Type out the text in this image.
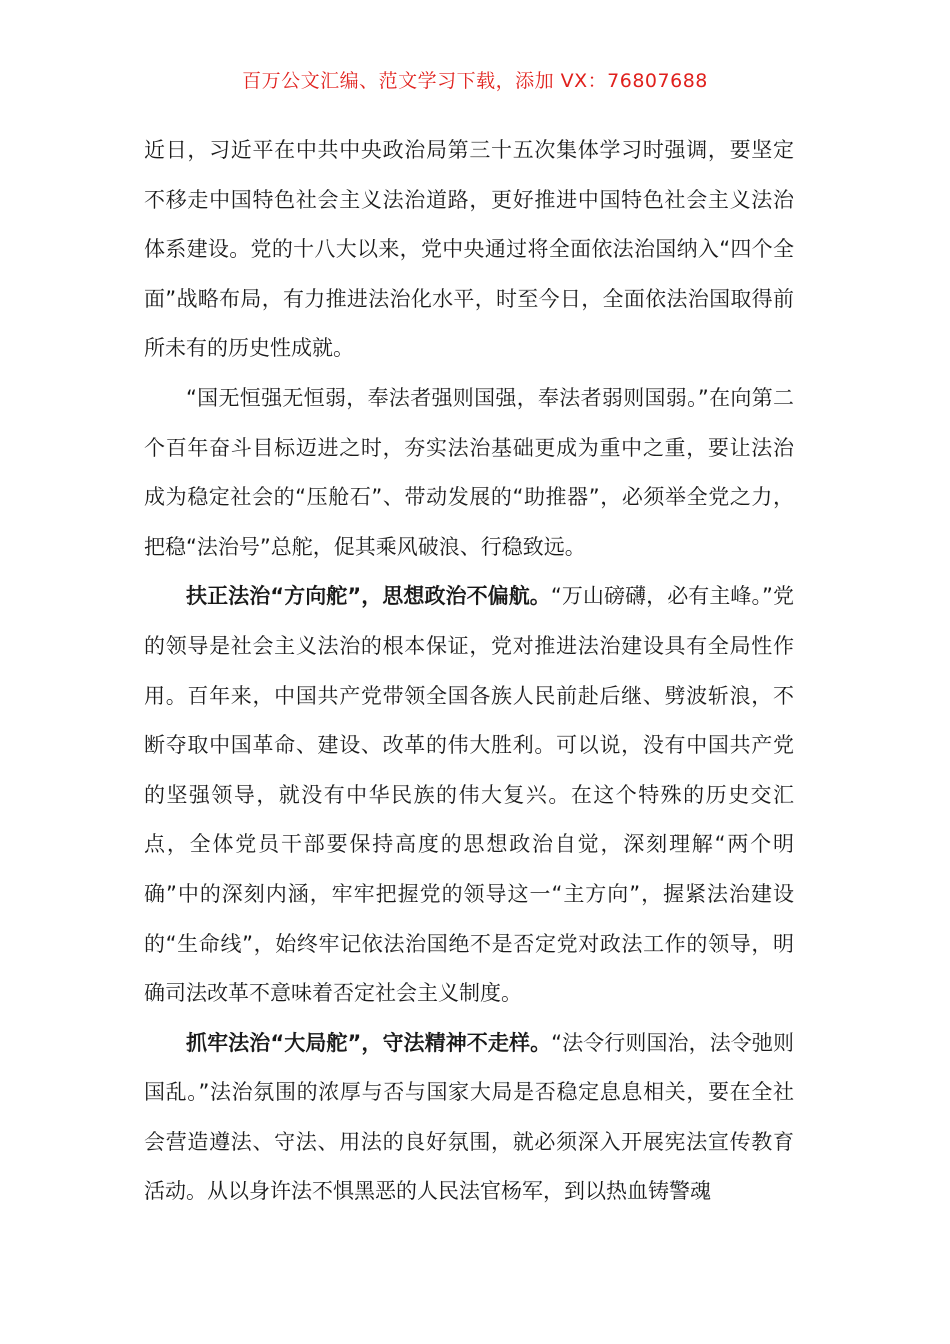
百万公文汇编、范文学习下载，添加 VX：76807688

近日，习近平在中共中央政治局第三十五次集体学习时强调，要坚定不移走中国特色社会主义法治道路，更好推进中国特色社会主义法治体系建设。党的十八大以来，党中央通过将全面依法治国纳入“四个全面”战略布局，有力推进法治化水平，时至今日，全面依法治国取得前所未有的历史性成就。

“国无恒强无恒弱，奉法者强则国强，奉法者弱则国弱。”在向第二个百年奋斗目标迈进之时，夯实法治基础更成为重中之重，要让法治成为稳定社会的“压舱石”、带动发展的“助推器”，必须举全党之力，把稳“法治号”总舵，促其乘风破浪、行稳致远。

扶正法治“方向舵”，思想政治不偏航。“万山磅礴，必有主峰。”党的领导是社会主义法治的根本保证，党对推进法治建设具有全局性作用。百年来，中国共产党带领全国各族人民前赴后继、劈波斩浪，不断夺取中国革命、建设、改革的伟大胜利。可以说，没有中国共产党的坚强领导，就没有中华民族的伟大复兴。在这个特殊的历史交汇点，全体党员干部要保持高度的思想政治自觉，深刻理解“两个明确”中的深刻内涵，牢牢把握党的领导这一“主方向”，握紧法治建设的“生命线”，始终牢记依法治国绝不是否定党对政法工作的领导，明确司法改革不意味着否定社会主义制度。

抓牢法治“大局舵”，守法精神不走样。“法令行则国治，法令弛则国乱。”法治氛围的浓厚与否与国家大局是否稳定息息相关，要在全社会营造遵法、守法、用法的良好氛围，就必须深入开展宪法宣传教育活动。从以身许法不惧黑恶的人民法官杨军，到以热血铸警魂
